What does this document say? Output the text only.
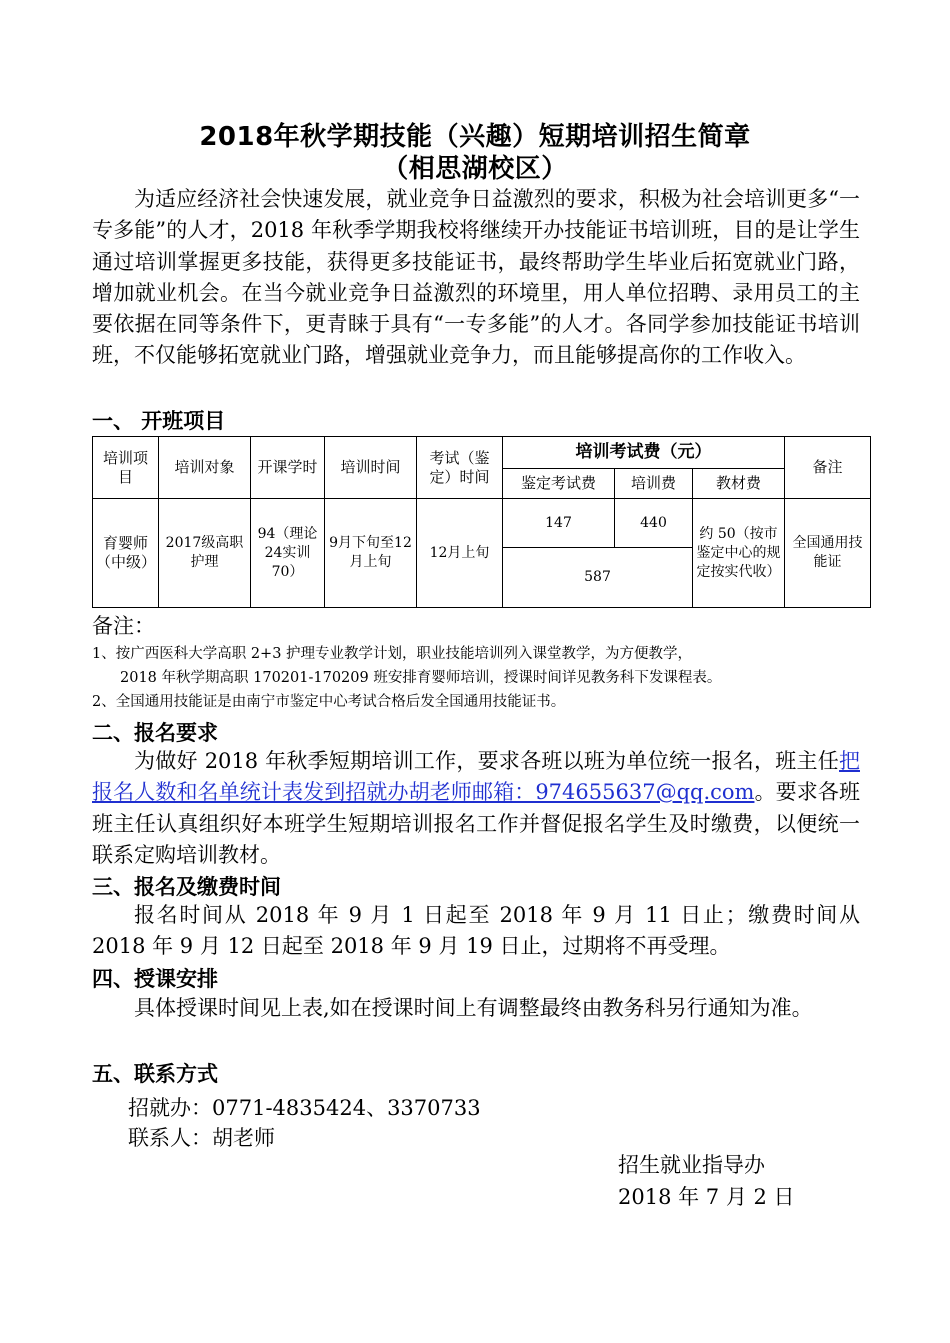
2018年秋学期技能（兴趣）短期培训招生简章
（相思湖校区）

为适应经济社会快速发展，就业竞争日益激烈的要求，积极为社会培训更多“一专多能”的人才，2018 年秋季学期我校将继续开办技能证书培训班，目的是让学生通过培训掌握更多技能，获得更多技能证书，最终帮助学生毕业后拓宽就业门路，增加就业机会。在当今就业竞争日益激烈的环境里，用人单位招聘、录用员工的主要依据在同等条件下，更青睐于具有“一专多能”的人才。各同学参加技能证书培训班，不仅能够拓宽就业门路，增强就业竞争力，而且能够提高你的工作收入。

一、 开班项目
培训项目	培训对象	开课学时	培训时间	考试（鉴定）时间	培训考试费（元）			备注
					鉴定考试费	培训费	教材费	
育婴师（中级）	2017级高职护理	94（理论24实训70）	9月下旬至12月上旬	12月上旬	147	440	约 50（按市鉴定中心的规定按实代收）	全国通用技能证
					587			
备注：

1、按广西医科大学高职 2+3 护理专业教学计划，职业技能培训列入课堂教学，为方便教学，
2018 年秋学期高职 170201-170209 班安排育婴师培训，授课时间详见教务科下发课程表。

2、全国通用技能证是由南宁市鉴定中心考试合格后发全国通用技能证书。

二、报名要求

为做好 2018 年秋季短期培训工作，要求各班以班为单位统一报名，班主任把报名人数和名单统计表发到招就办胡老师邮箱：974655637@qq.com。要求各班班主任认真组织好本班学生短期培训报名工作并督促报名学生及时缴费，以便统一联系定购培训教材。

三、报名及缴费时间

报名时间从 2018 年 9 月 1 日起至 2018 年 9 月 11 日止；缴费时间从 2018 年 9 月 12 日起至 2018 年 9 月 19 日止，过期将不再受理。

四、授课安排

具体授课时间见上表,如在授课时间上有调整最终由教务科另行通知为准。

五、联系方式

招就办：0771-4835424、3370733

联系人：胡老师

招生就业指导办

2018 年 7 月 2 日
